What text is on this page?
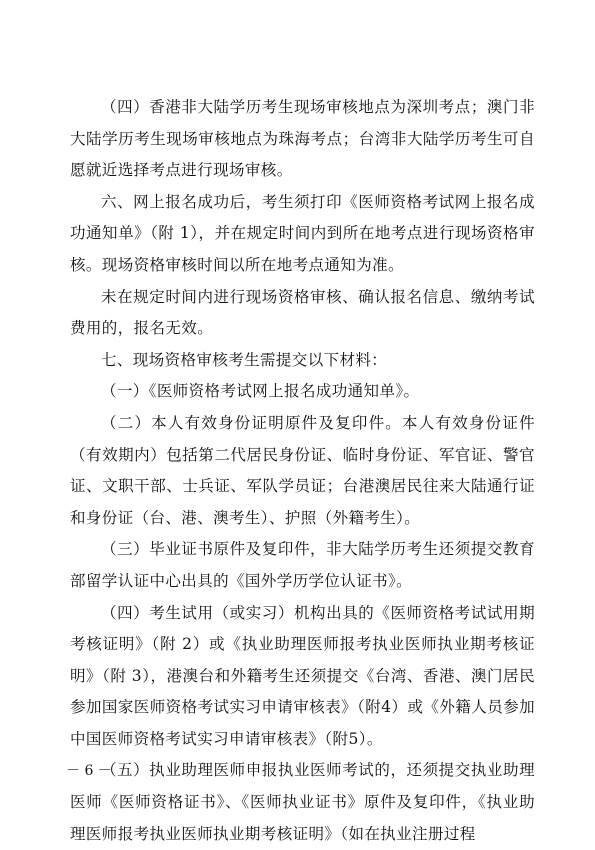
（四）香港非大陆学历考生现场审核地点为深圳考点；澳门非大陆学历考生现场审核地点为珠海考点；台湾非大陆学历考生可自愿就近选择考点进行现场审核。

六、网上报名成功后，考生须打印《医师资格考试网上报名成功通知单》（附 1），并在规定时间内到所在地考点进行现场资格审核。现场资格审核时间以所在地考点通知为准。

未在规定时间内进行现场资格审核、确认报名信息、缴纳考试费用的，报名无效。

七、现场资格审核考生需提交以下材料：

（一）《医师资格考试网上报名成功通知单》。

（二）本人有效身份证明原件及复印件。本人有效身份证件（有效期内）包括第二代居民身份证、临时身份证、军官证、警官证、文职干部、士兵证、军队学员证；台港澳居民往来大陆通行证和身份证（台、港、澳考生）、护照（外籍考生）。

（三）毕业证书原件及复印件，非大陆学历考生还须提交教育部留学认证中心出具的《国外学历学位认证书》。

（四）考生试用（或实习）机构出具的《医师资格考试试用期考核证明》（附 2）或《执业助理医师报考执业医师执业期考核证明》（附 3），港澳台和外籍考生还须提交《台湾、香港、澳门居民参加国家医师资格考试实习申请审核表》（附4）或《外籍人员参加中国医师资格考试实习申请审核表》（附5）。

（五）执业助理医师申报执业医师考试的，还须提交执业助理医师《医师资格证书》、《医师执业证书》原件及复印件，《执业助理医师报考执业医师执业期考核证明》（如在执业注册过程

－ 6 －
